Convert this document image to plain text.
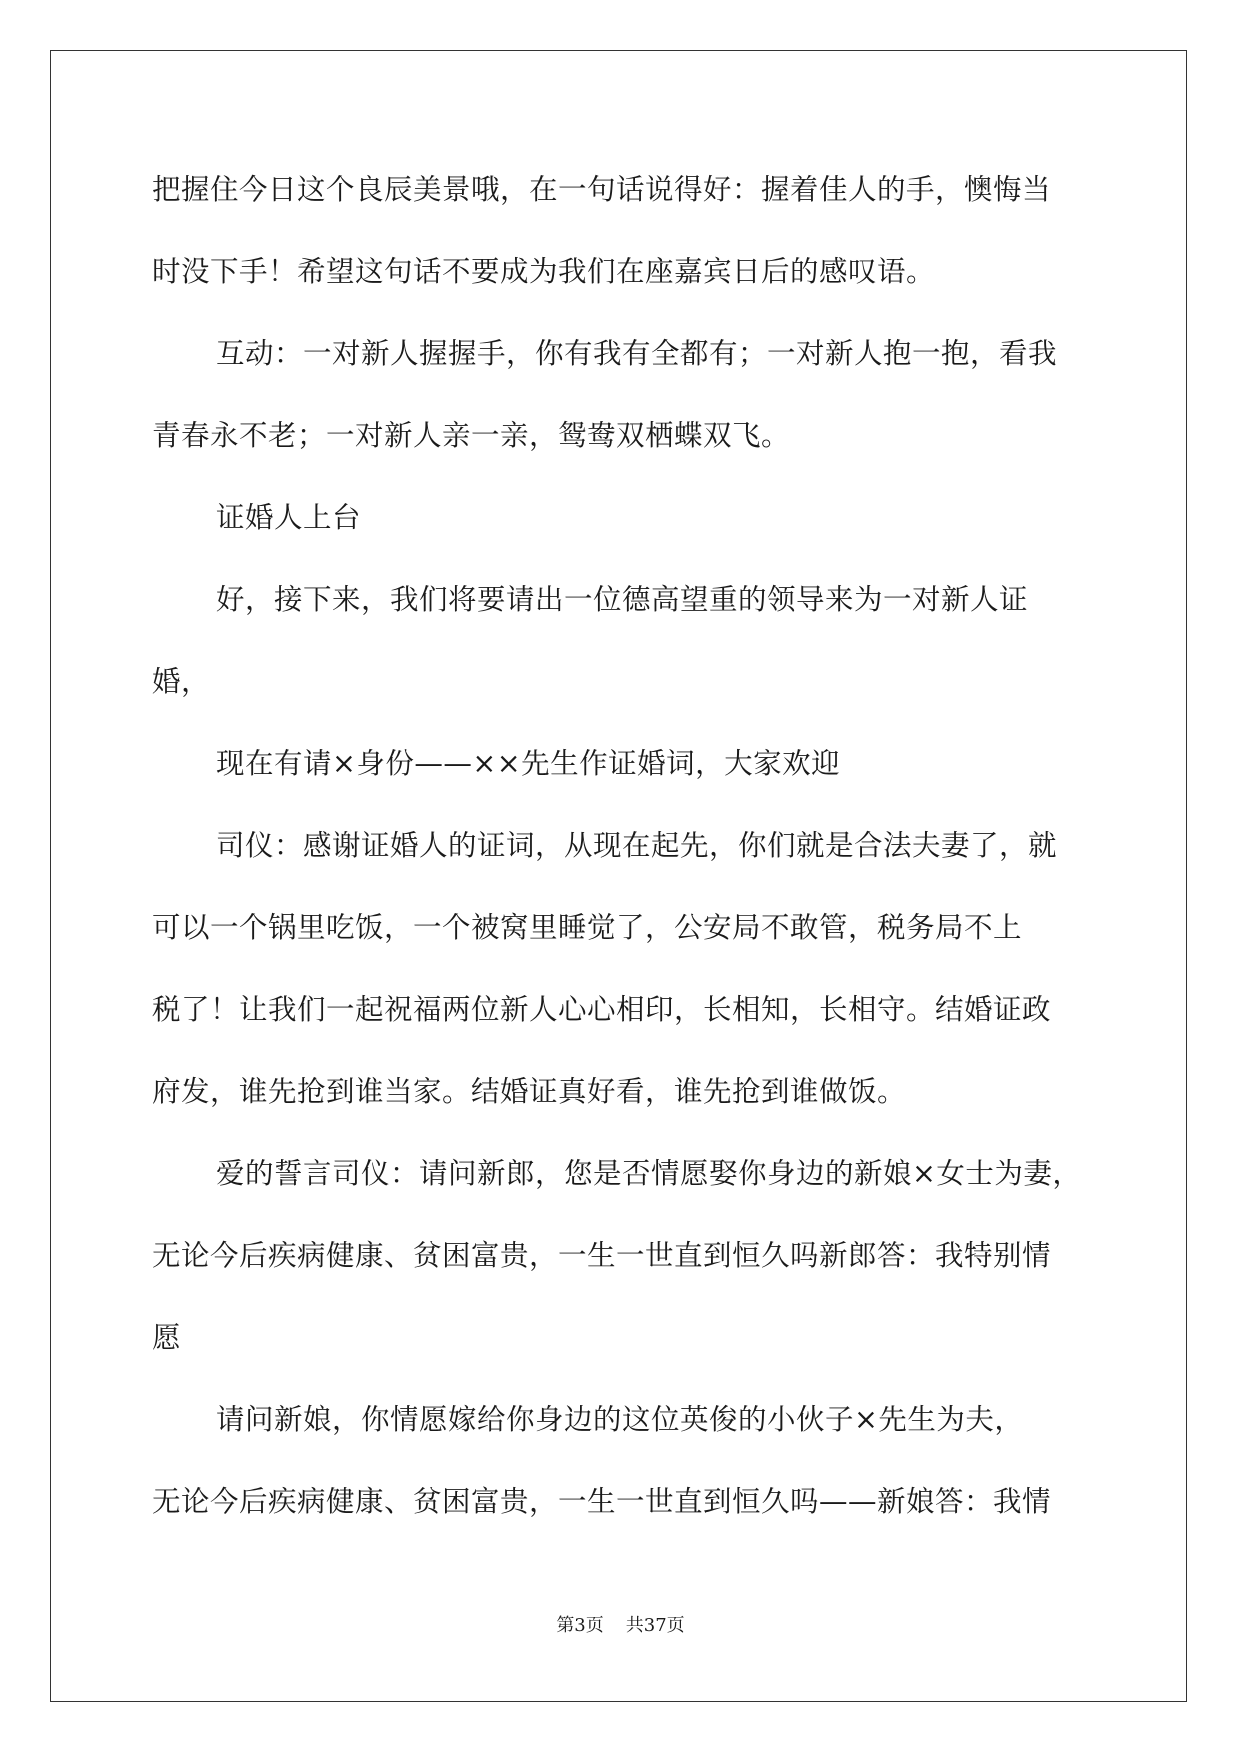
把握住今日这个良辰美景哦，在一句话说得好：握着佳人的手，懊悔当

时没下手！希望这句话不要成为我们在座嘉宾日后的感叹语。

互动：一对新人握握手，你有我有全都有；一对新人抱一抱，看我

青春永不老；一对新人亲一亲，鸳鸯双栖蝶双飞。

证婚人上台

好，接下来，我们将要请出一位德高望重的领导来为一对新人证

婚，

现在有请×身份——××先生作证婚词，大家欢迎

司仪：感谢证婚人的证词，从现在起先，你们就是合法夫妻了，就

可以一个锅里吃饭，一个被窝里睡觉了，公安局不敢管，税务局不上

税了！让我们一起祝福两位新人心心相印，长相知，长相守。结婚证政

府发，谁先抢到谁当家。结婚证真好看，谁先抢到谁做饭。

爱的誓言司仪：请问新郎，您是否情愿娶你身边的新娘×女士为妻，

无论今后疾病健康、贫困富贵，一生一世直到恒久吗新郎答：我特别情

愿

请问新娘，你情愿嫁给你身边的这位英俊的小伙子×先生为夫，

无论今后疾病健康、贫困富贵，一生一世直到恒久吗——新娘答：我情

第3页 共37页
